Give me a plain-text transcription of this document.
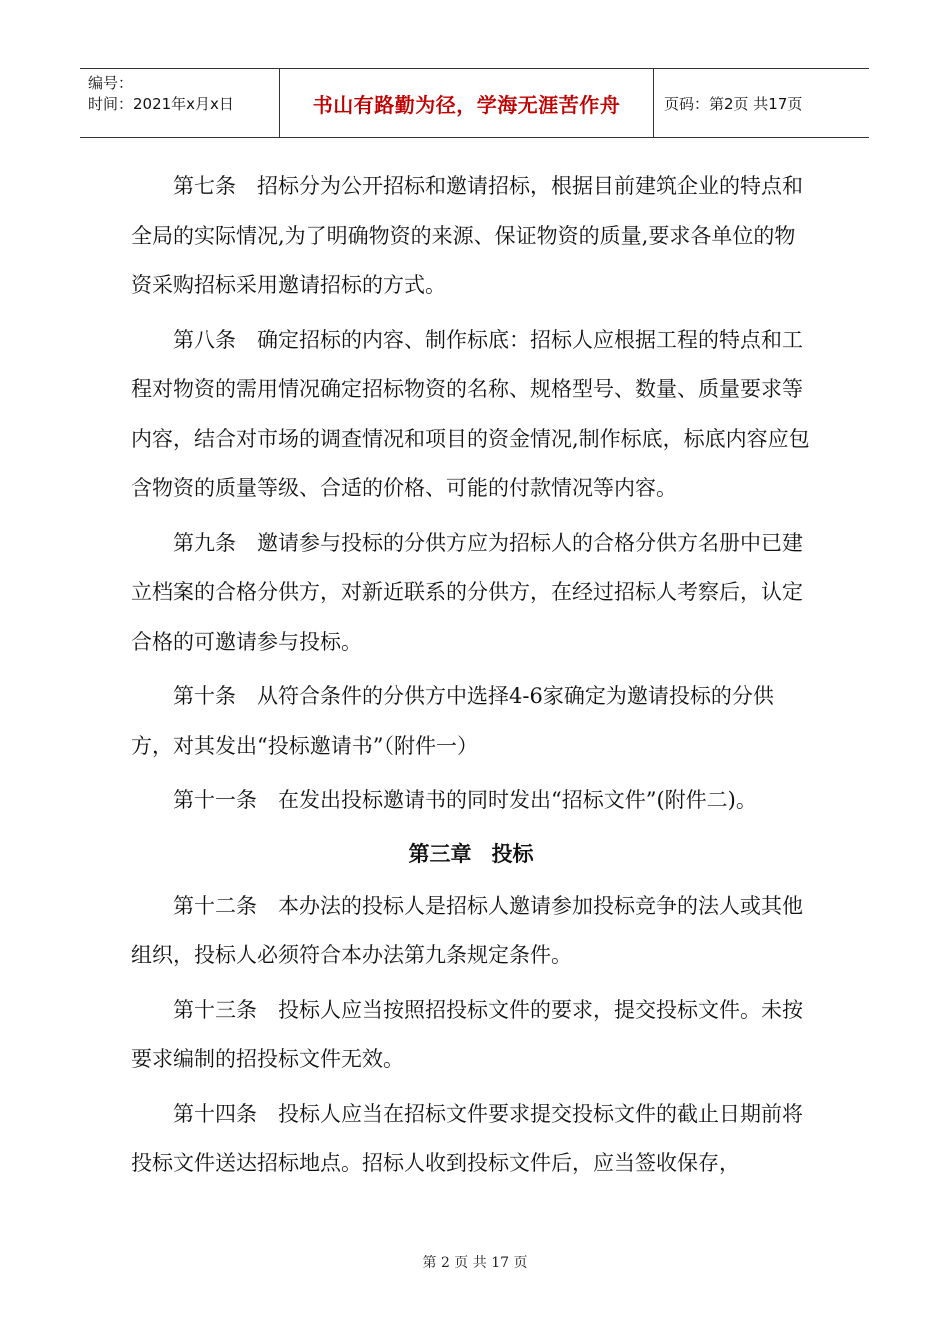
编号：
时间：2021年x月x日	书山有路勤为径，学海无涯苦作舟	页码：第2页 共17页

第七条 招标分为公开招标和邀请招标，根据目前建筑企业的特点和全局的实际情况,为了明确物资的来源、保证物资的质量,要求各单位的物资采购招标采用邀请招标的方式。

第八条 确定招标的内容、制作标底：招标人应根据工程的特点和工程对物资的需用情况确定招标物资的名称、规格型号、数量、质量要求等内容，结合对市场的调查情况和项目的资金情况,制作标底，标底内容应包含物资的质量等级、合适的价格、可能的付款情况等内容。

第九条 邀请参与投标的分供方应为招标人的合格分供方名册中已建立档案的合格分供方，对新近联系的分供方，在经过招标人考察后，认定合格的可邀请参与投标。

第十条 从符合条件的分供方中选择4-6家确定为邀请投标的分供方，对其发出“投标邀请书”（附件一）

第十一条 在发出投标邀请书的同时发出“招标文件”(附件二)。

第三章 投标

第十二条 本办法的投标人是招标人邀请参加投标竞争的法人或其他组织，投标人必须符合本办法第九条规定条件。

第十三条 投标人应当按照招投标文件的要求，提交投标文件。未按要求编制的招投标文件无效。

第十四条 投标人应当在招标文件要求提交投标文件的截止日期前将投标文件送达招标地点。招标人收到投标文件后，应当签收保存，

第 2 页 共 17 页
